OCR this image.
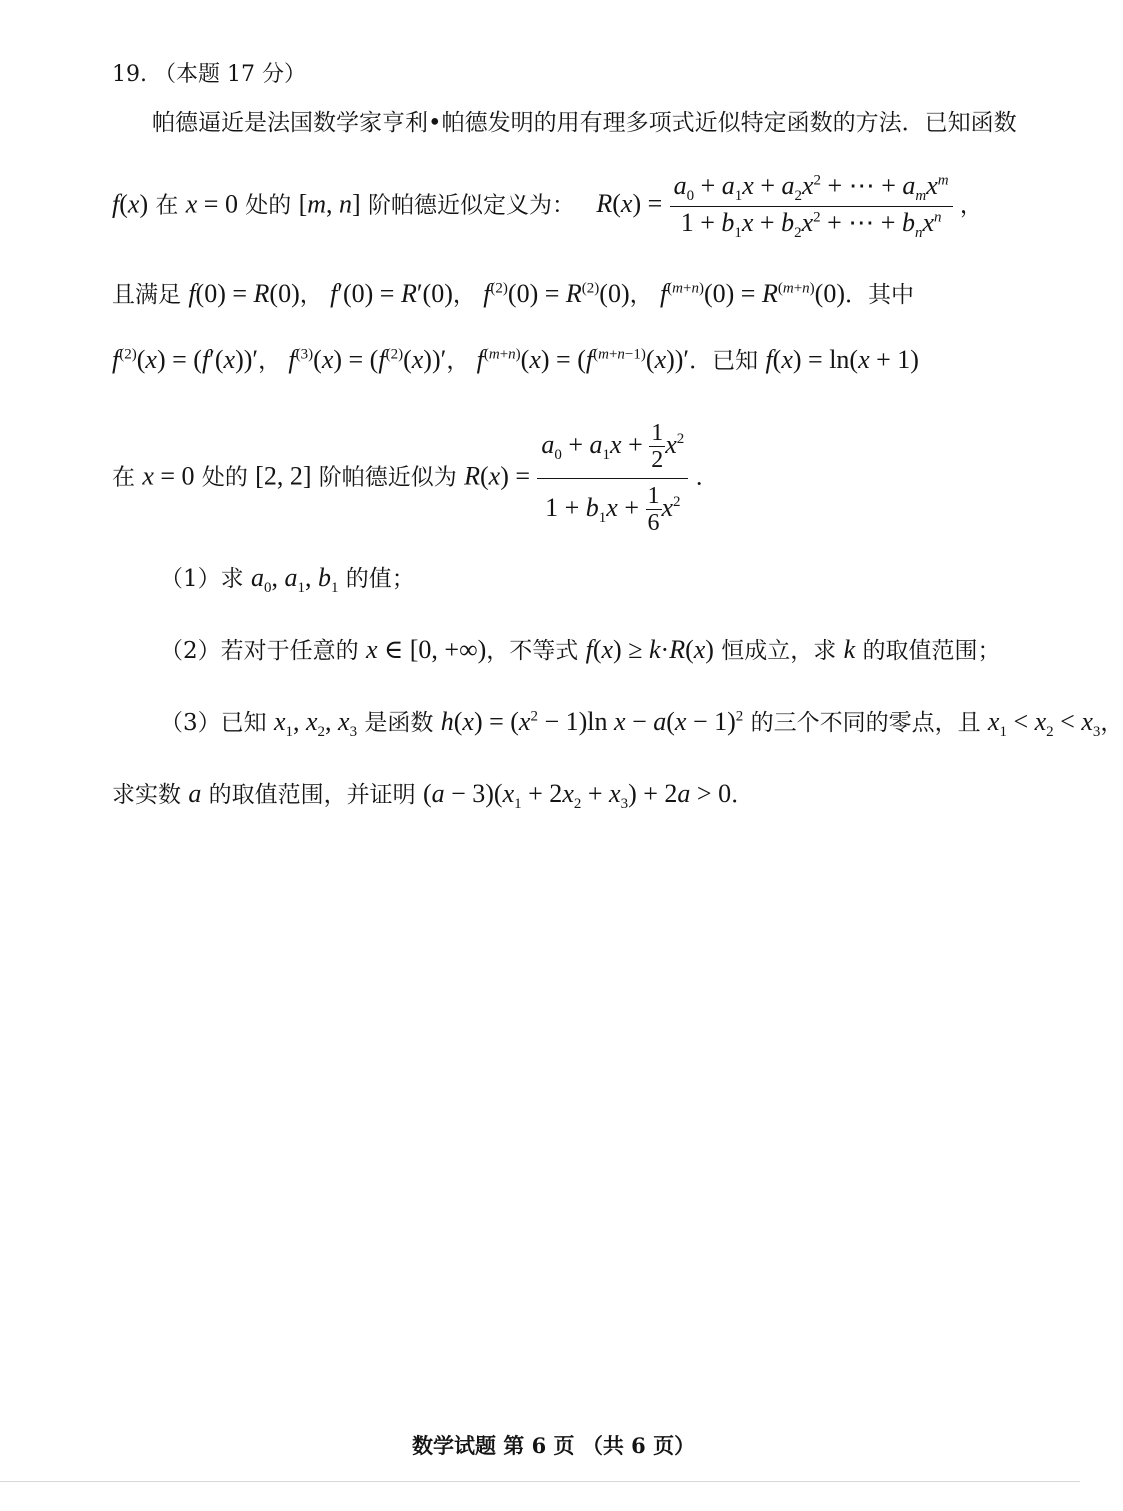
19. （本题 17 分）
帕德逼近是法国数学家亨利•帕德发明的用有理多项式近似特定函数的方法．已知函数
f(x) 在 x = 0 处的 [m, n] 阶帕德近似定义为： $R(x) = \frac{a_0 + a_1x + a_2x^2 + \cdots + a_mx^m}{1 + b_1x + b_2x^2 + \cdots + b_nx^n}$ ，
且满足 f(0) = R(0)， f′(0) = R′(0)， $f^{(2)}(0) = R^{(2)}(0)$， $f^{(m+n)}(0) = R^{(m+n)}(0)$．其中
$f^{(2)}(x) = (f'(x))'$， $f^{(3)}(x) = (f^{(2)}(x))'$， $f^{(m+n)}(x) = (f^{(m+n-1)}(x))'$．已知 f(x) = ln(x + 1)
在 x = 0 处的 [2, 2] 阶帕德近似为 $R(x) = \frac{a_0 + a_1x + \frac{1}{2} x^2}{1 + b_1x + \frac{1}{6} x^2}$ ．
（1）求 $a_0$, $a_1$, $b_1$ 的值；
（2）若对于任意的 x ∈ [0, +∞)，不等式 f(x) ≥ k·R(x) 恒成立，求 k 的取值范围；
（3）已知 $x_1$, $x_2$, $x_3$ 是函数 $h(x) = (x^2 - 1)\ln$ $x - a(x - 1)^2$ 的三个不同的零点，且 $x_1 < x_2 < x_3$，
求实数 a 的取值范围，并证明 $(a - 3)(x_1 + 2x_2 + x_3) + 2a > 0$．
数学试题 第 6 页 （共 6 页）
